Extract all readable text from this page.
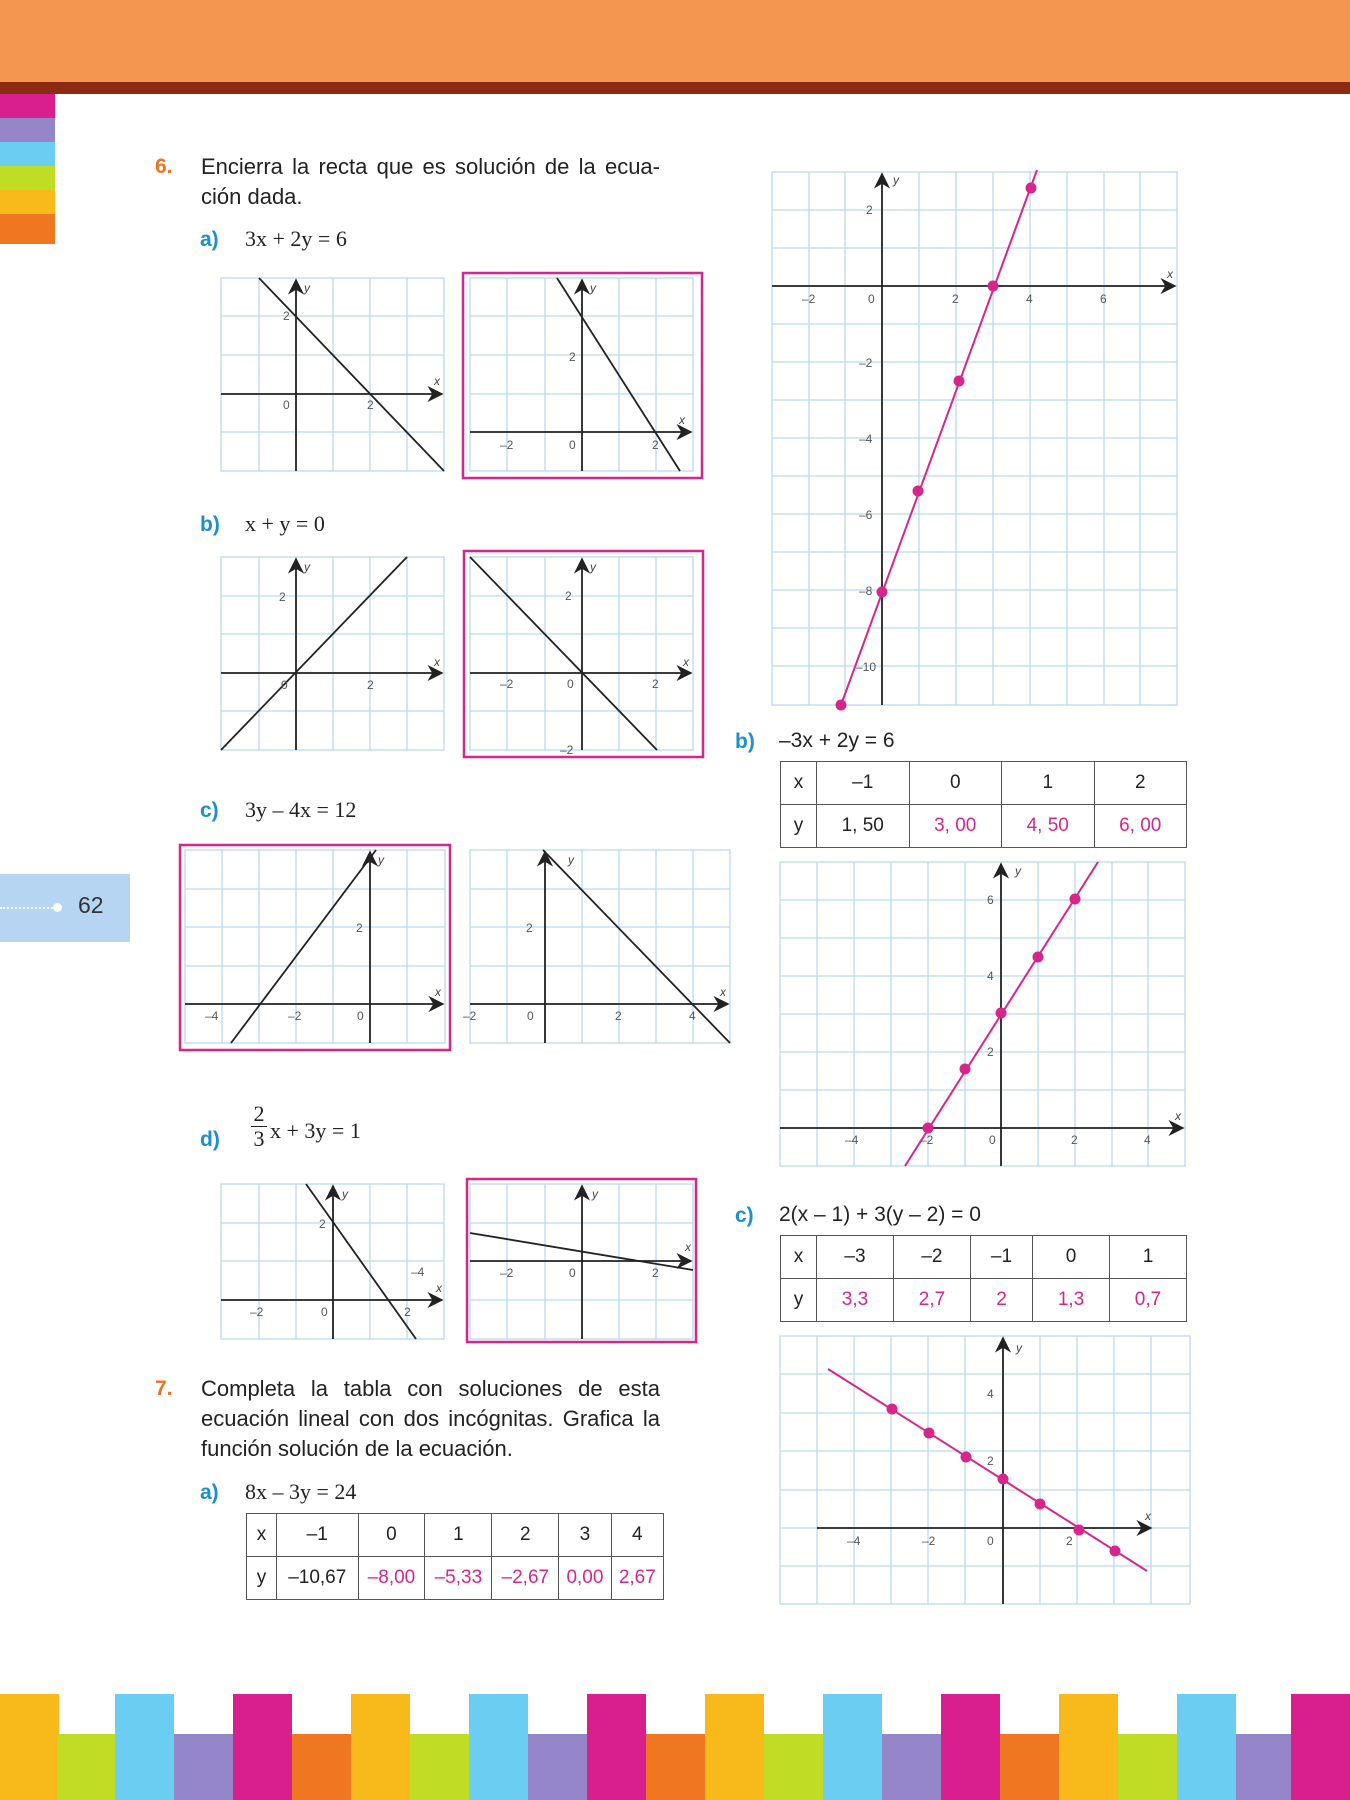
62
6. Encierra la recta que es solución de la ecua-ción dada.
a) 3x + 2y = 6
b) x + y = 0
c) 3y – 4x = 12
$d) \frac{2}{3}$ x + 3y = 1
x
y
2
0	2
x
y
2
–2	0	2
x
y
2
0	2
x
y
2
–2	0	2
–2
x
y
2
–4	–2	0
x
y
2
–2	0	2	4
x
y
2
–4
–2	0	2
x
y
–2	0	2
x
y
2
–2	0	2	4	6
–2
–4
–6
–8
–10
x
y
6
4
2
–4	–2	0	2	4
x
y
4
2
–4	–2	0	2
7. Completa la tabla con soluciones de esta ecuación lineal con dos incógnitas. Grafica la función solución de la ecuación.
a) 8x – 3y = 24
x	–1	0	1	2	3	4
y	–10,67	–8,00	–5,33	–2,67	0,00	2,67
b) –3x + 2y = 6
x	–1	0	1	2
y	1, 50	3, 00	4, 50	6, 00
c) 2(x – 1) + 3(y – 2) = 0
x	–3	–2	–1	0	1
y	3,3	2,7	2	1,3	0,7
